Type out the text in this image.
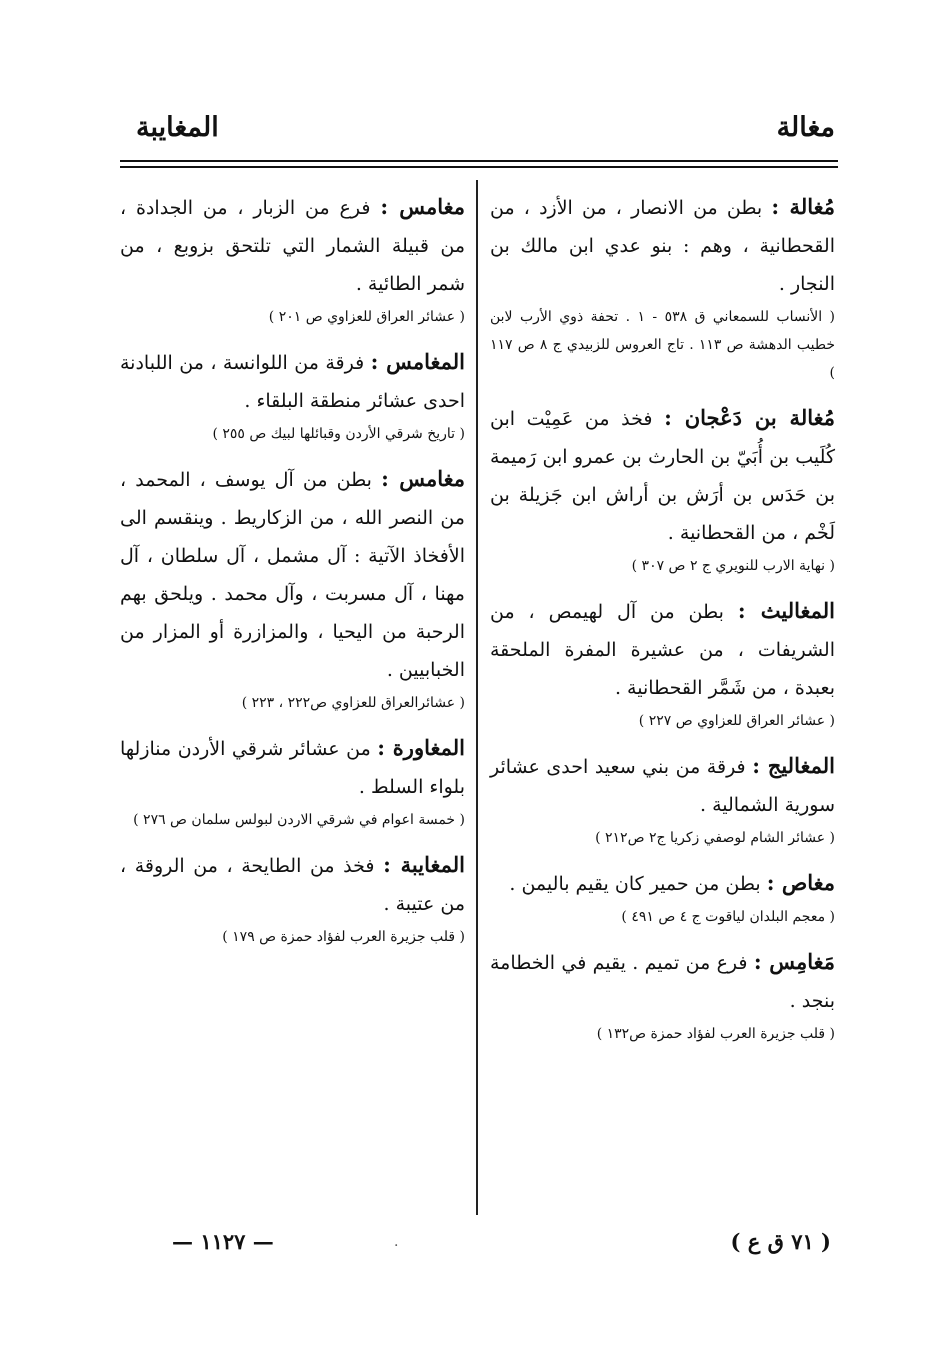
مغالة
المغايبة

مُغالة : بطن من الانصار ، من الأزد ، من القحطانية ، وهم : بنو عدي ابن مالك بن النجار .

( الأنساب للسمعاني ق ٥٣٨ - ١ . تحفة ذوي الأرب لابن خطيب الدهشة ص ١١٣ . تاج العروس للزبيدي ج ٨ ص ١١٧ )

مُغالة بن دَعْجان : فخذ من عَمِيْت ابن كُلَيب بن أُبَيّ بن الحارث بن عمرو ابن رَميمة بن حَدَس بن أرَش بن أراش ابن جَزيلة بن لَخْم ، من القحطانية .

( نهاية الارب للنويري ج ٢ ص ٣٠٧ )

المغاليث : بطن من آل لهيمص ، من الشريفات ، من عشيرة المفرة الملحقة بعبدة ، من شَمَّر القحطانية .

( عشائر العراق للعزاوي ص ٢٢٧ )

المغاليج : فرقة من بني سعيد احدى عشائر سورية الشمالية .

( عشائر الشام لوصفي زكريا ج٢ ص٢١٢ )

مغاص : بطن من حمير كان يقيم باليمن .

( معجم البلدان لياقوت ج ٤ ص ٤٩١ )

مَغامِس : فرع من تميم . يقيم في الخطامة بنجد .

( قلب جزيرة العرب لفؤاد حمزة ص١٣٢ )

مغامس : فرع من الزبار ، من الجدادة ، من قبيلة الشمار التي تلتحق بزوبع ، من شمر الطائية .

( عشائر العراق للعزاوي ص ٢٠١ )

المغامس : فرقة من اللوانسة ، من اللبادنة احدى عشائر منطقة البلقاء .

( تاريخ شرقي الأردن وقبائلها لبيك ص ٢٥٥ )

مغامس : بطن من آل يوسف ، المحمد ، من النصر الله ، من الزكاريط . وينقسم الى الأفخاذ الآتية : آل مشمل ، آل سلطان ، آل مهنا ، آل مسربت ، وآل محمد . ويلحق بهم الرحبة من اليحيا ، والمزازرة أو المزار من الخبابيين .

( عشائرالعراق للعزاوي ص٢٢٢ ، ٢٢٣ )

المغاورة : من عشائر شرقي الأردن منازلها بلواء السلط .

( خمسة اعوام في شرقي الاردن لبولس سلمان ص ٢٧٦ )

المغايبة : فخذ من الطايحة ، من الروقة ، من عتيبة .

( قلب جزيرة العرب لفؤاد حمزة ص ١٧٩ )

— ١١٢٧ —	( ٧١ ق ع )
·
